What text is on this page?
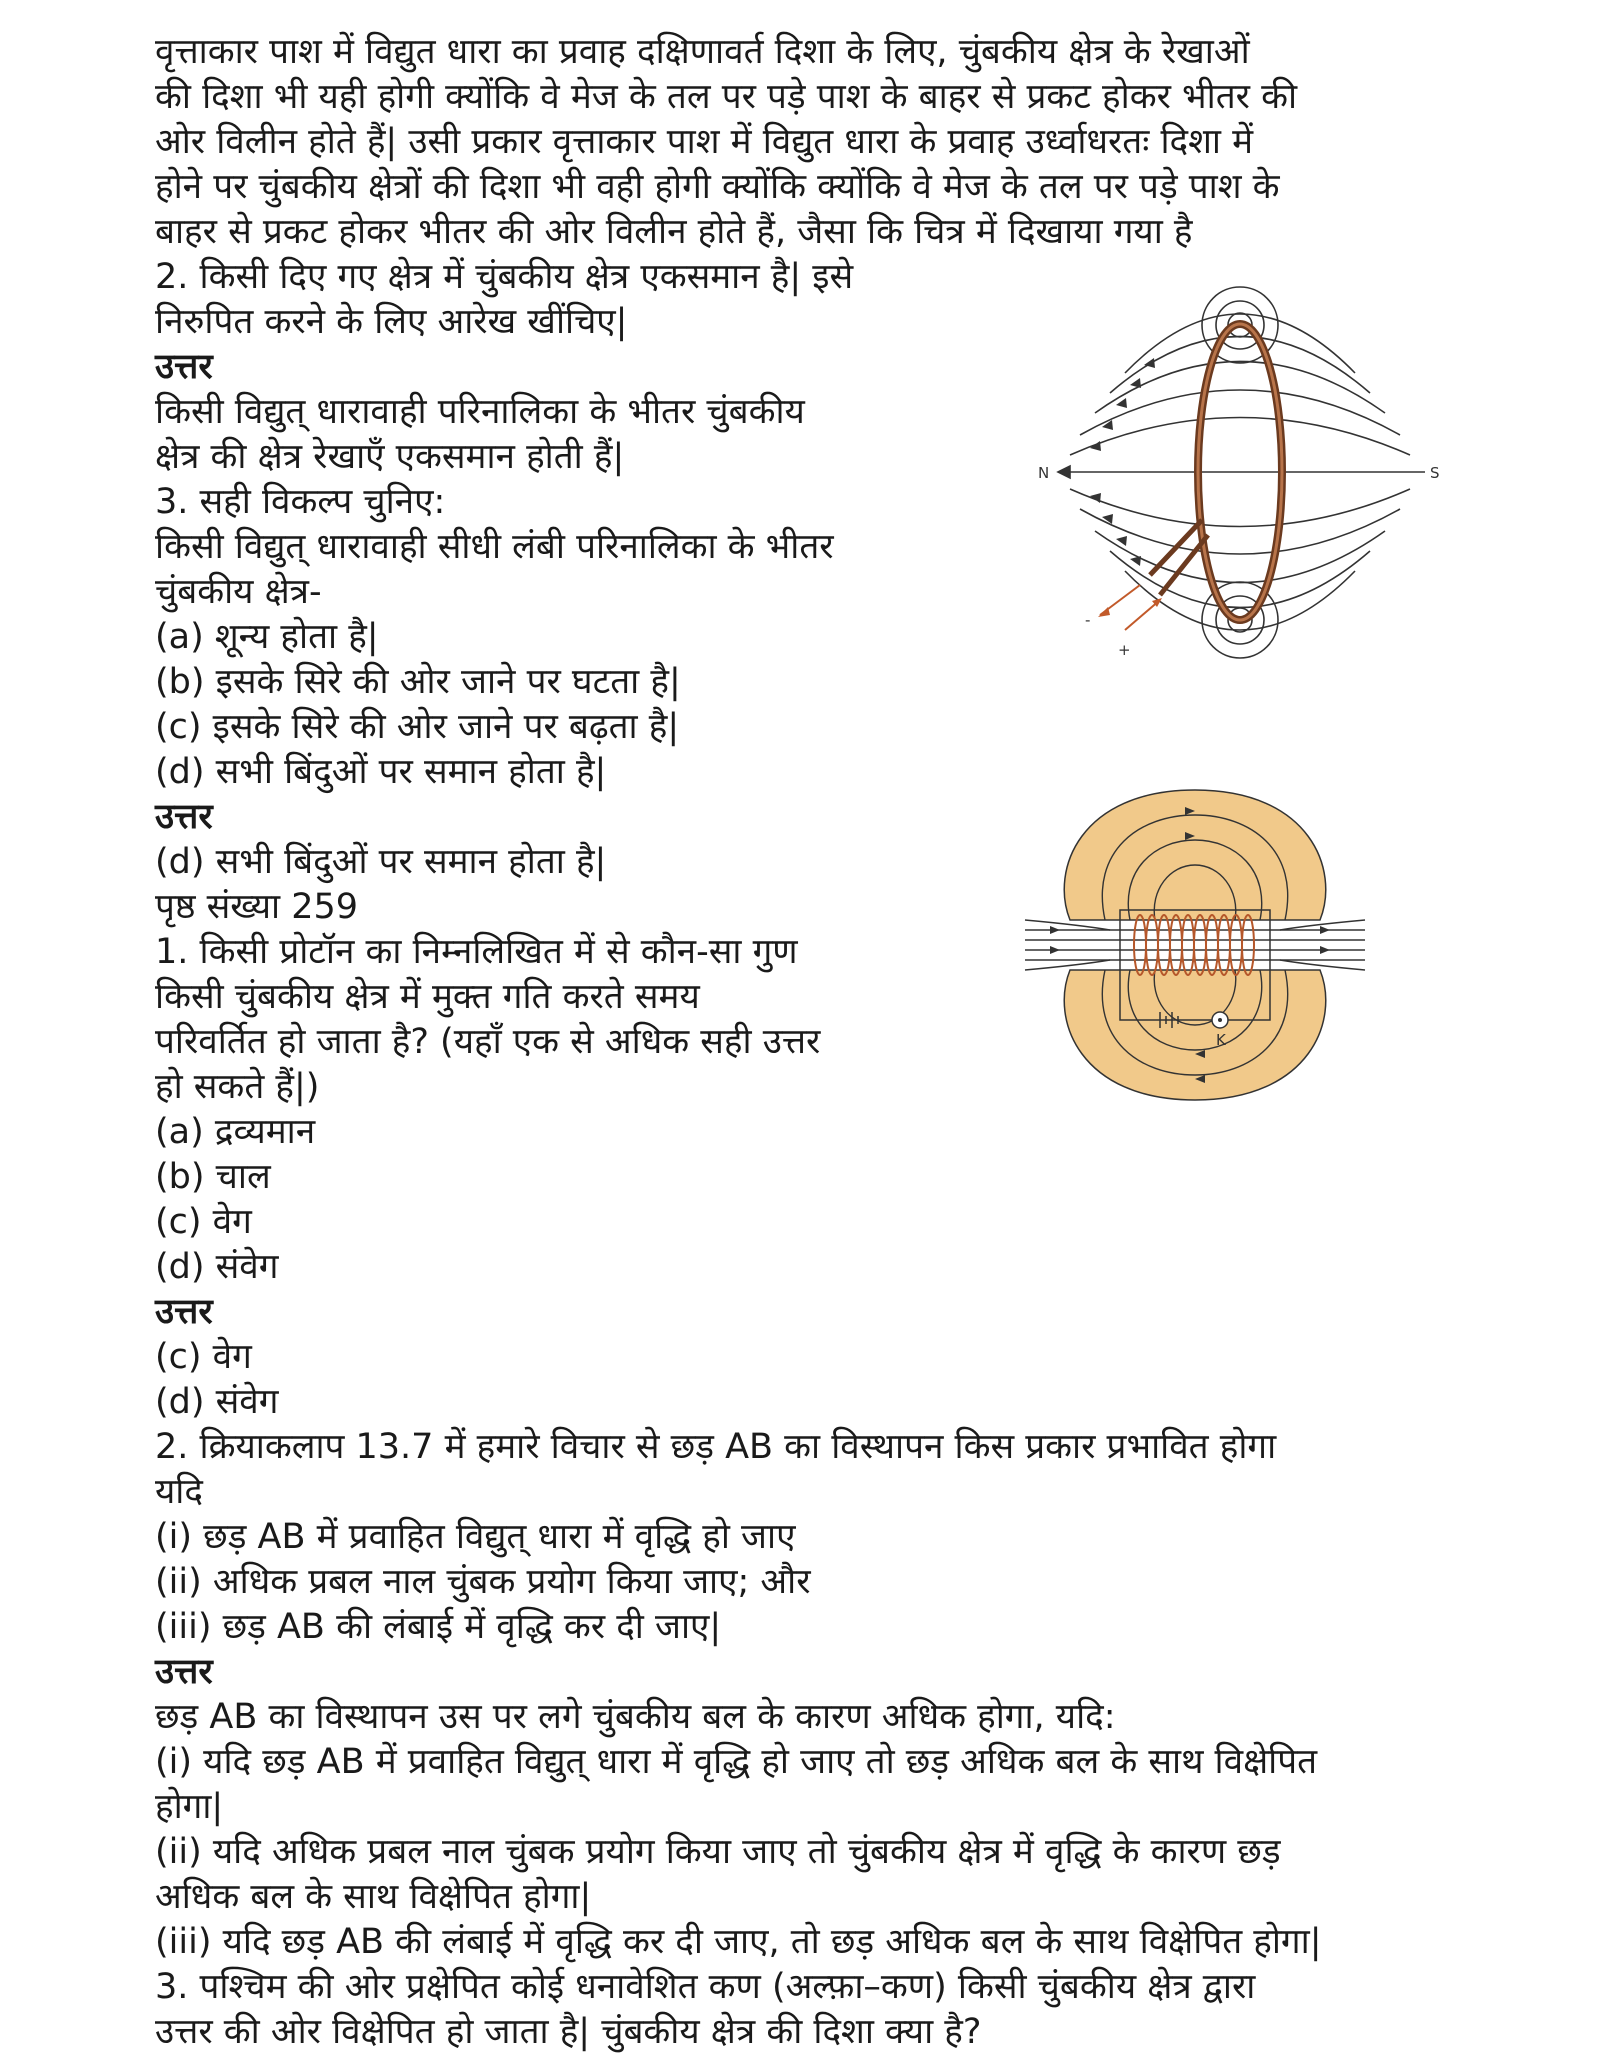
वृत्ताकार पाश में विद्युत धारा का प्रवाह दक्षिणावर्त दिशा के लिए, चुंबकीय क्षेत्र के रेखाओं
की दिशा भी यही होगी क्योंकि वे मेज के तल पर पड़े पाश के बाहर से प्रकट होकर भीतर की
ओर विलीन होते हैं| उसी प्रकार वृत्ताकार पाश में विद्युत धारा के प्रवाह उर्ध्वाधरतः दिशा में
होने पर चुंबकीय क्षेत्रों की दिशा भी वही होगी क्योंकि क्योंकि वे मेज के तल पर पड़े पाश के
बाहर से प्रकट होकर भीतर की ओर विलीन होते हैं, जैसा कि चित्र में दिखाया गया है
2. किसी दिए गए क्षेत्र में चुंबकीय क्षेत्र एकसमान है| इसे
निरुपित करने के लिए आरेख खींचिए|
उत्तर
किसी विद्युत् धारावाही परिनालिका के भीतर चुंबकीय
क्षेत्र की क्षेत्र रेखाएँ एकसमान होती हैं|
3. सही विकल्प चुनिए:
किसी विद्युत् धारावाही सीधी लंबी परिनालिका के भीतर
चुंबकीय क्षेत्र-
(a) शून्य होता है|
(b) इसके सिरे की ओर जाने पर घटता है|
(c) इसके सिरे की ओर जाने पर बढ़ता है|
(d) सभी बिंदुओं पर समान होता है|
उत्तर
(d) सभी बिंदुओं पर समान होता है|
पृष्ठ संख्या 259
1. किसी प्रोटॉन का निम्नलिखित में से कौन-सा गुण
किसी चुंबकीय क्षेत्र में मुक्त गति करते समय
परिवर्तित हो जाता है? (यहाँ एक से अधिक सही उत्तर
हो सकते हैं|)
(a) द्रव्यमान
(b) चाल
(c) वेग
(d) संवेग
उत्तर
(c) वेग
(d) संवेग
2. क्रियाकलाप 13.7 में हमारे विचार से छड़ AB का विस्थापन किस प्रकार प्रभावित होगा
यदि
(i) छड़ AB में प्रवाहित विद्युत् धारा में वृद्धि हो जाए
(ii) अधिक प्रबल नाल चुंबक प्रयोग किया जाए; और
(iii) छड़ AB की लंबाई में वृद्धि कर दी जाए|
उत्तर
छड़ AB का विस्थापन उस पर लगे चुंबकीय बल के कारण अधिक होगा, यदि:
(i) यदि छड़ AB में प्रवाहित विद्युत् धारा में वृद्धि हो जाए तो छड़ अधिक बल के साथ विक्षेपित
होगा|
(ii) यदि अधिक प्रबल नाल चुंबक प्रयोग किया जाए तो चुंबकीय क्षेत्र में वृद्धि के कारण छड़
अधिक बल के साथ विक्षेपित होगा|
(iii) यदि छड़ AB की लंबाई में वृद्धि कर दी जाए, तो छड़ अधिक बल के साथ विक्षेपित होगा|
3. पश्चिम की ओर प्रक्षेपित कोई धनावेशित कण (अल्फ़ा–कण) किसी चुंबकीय क्षेत्र द्वारा
उत्तर की ओर विक्षेपित हो जाता है| चुंबकीय क्षेत्र की दिशा क्या है?
N	S
+
-
K
